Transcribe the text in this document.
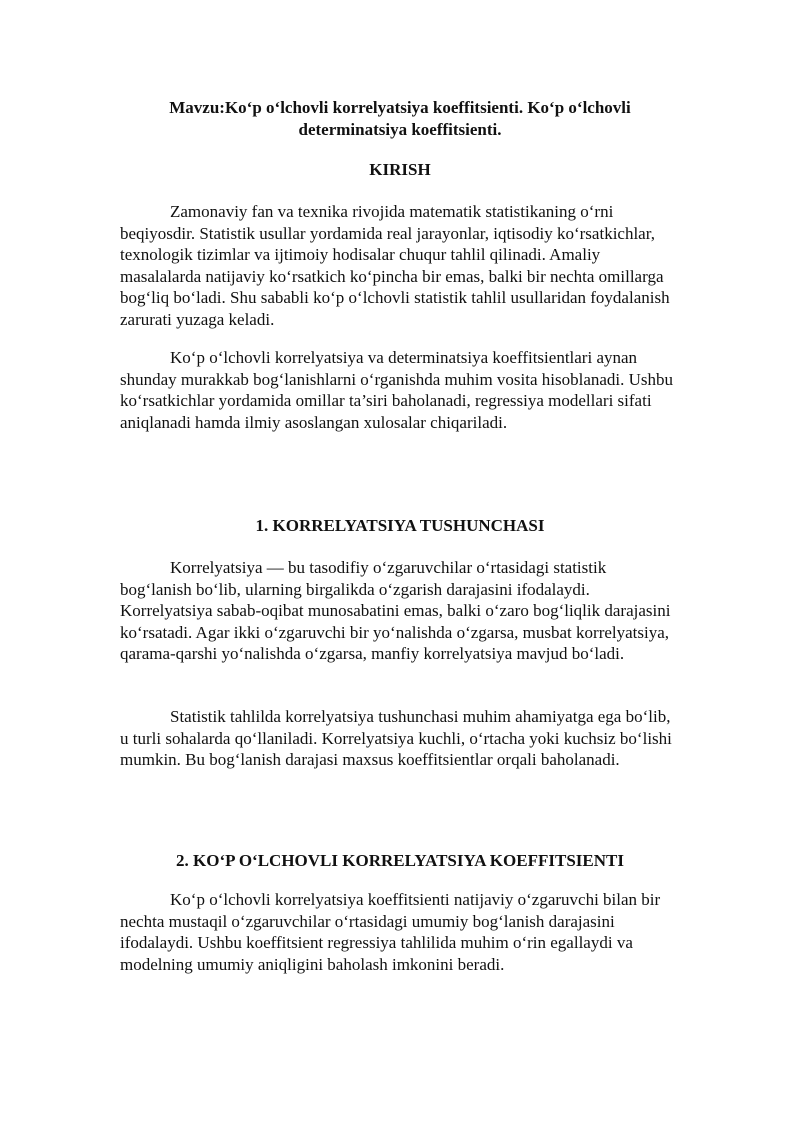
Mavzu:Ko‘p o‘lchovli korrelyatsiya koeffitsienti. Ko‘p o‘lchovli determinatsiya koeffitsienti.
KIRISH
Zamonaviy fan va texnika rivojida matematik statistikaning o‘rni beqiyosdir. Statistik usullar yordamida real jarayonlar, iqtisodiy ko‘rsatkichlar, texnologik tizimlar va ijtimoiy hodisalar chuqur tahlil qilinadi. Amaliy masalalarda natijaviy ko‘rsatkich ko‘pincha bir emas, balki bir nechta omillarga bog‘liq bo‘ladi. Shu sababli ko‘p o‘lchovli statistik tahlil usullaridan foydalanish zarurati yuzaga keladi.
Ko‘p o‘lchovli korrelyatsiya va determinatsiya koeffitsientlari aynan shunday murakkab bog‘lanishlarni o‘rganishda muhim vosita hisoblanadi. Ushbu ko‘rsatkichlar yordamida omillar ta’siri baholanadi, regressiya modellari sifati aniqlanadi hamda ilmiy asoslangan xulosalar chiqariladi.
1. KORRELYATSIYA TUSHUNCHASI
Korrelyatsiya — bu tasodifiy o‘zgaruvchilar o‘rtasidagi statistik bog‘lanish bo‘lib, ularning birgalikda o‘zgarish darajasini ifodalaydi. Korrelyatsiya sabab-oqibat munosabatini emas, balki o‘zaro bog‘liqlik darajasini ko‘rsatadi. Agar ikki o‘zgaruvchi bir yo‘nalishda o‘zgarsa, musbat korrelyatsiya, qarama-qarshi yo‘nalishda o‘zgarsa, manfiy korrelyatsiya mavjud bo‘ladi.
Statistik tahlilda korrelyatsiya tushunchasi muhim ahamiyatga ega bo‘lib, u turli sohalarda qo‘llaniladi. Korrelyatsiya kuchli, o‘rtacha yoki kuchsiz bo‘lishi mumkin. Bu bog‘lanish darajasi maxsus koeffitsientlar orqali baholanadi.
2. KO‘P O‘LCHOVLI KORRELYATSIYA KOEFFITSIENTI
Ko‘p o‘lchovli korrelyatsiya koeffitsienti natijaviy o‘zgaruvchi bilan bir nechta mustaqil o‘zgaruvchilar o‘rtasidagi umumiy bog‘lanish darajasini ifodalaydi. Ushbu koeffitsient regressiya tahlilida muhim o‘rin egallaydi va modelning umumiy aniqligini baholash imkonini beradi.
